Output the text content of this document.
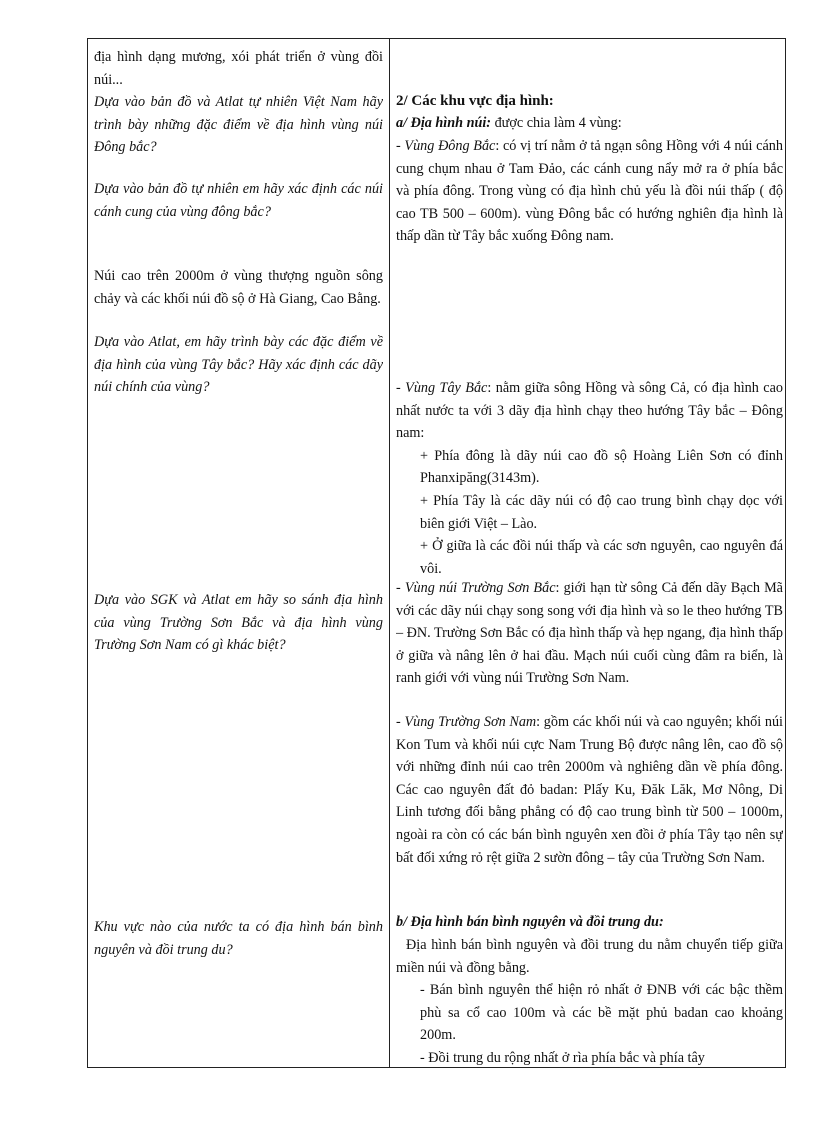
địa hình dạng mương, xói phát triển ở vùng đồi núi...

Dựa vào bản đồ và Atlat tự nhiên Việt Nam hãy trình bày những đặc điểm về địa hình vùng núi Đông bắc?

Dựa vào bản đồ tự nhiên em hãy xác định các núi cánh cung của vùng đông bắc?

Núi cao trên 2000m ở vùng thượng nguồn sông chảy và các khối núi đồ sộ ở Hà Giang, Cao Bằng.

Dựa vào Atlat, em hãy trình bày các đặc điểm về địa hình của vùng Tây bắc? Hãy xác định các dãy núi chính của vùng?

Dựa vào SGK và Atlat em hãy so sánh địa hình của vùng Trường Sơn Bắc và địa hình vùng Trường Sơn Nam có gì khác biệt?

Khu vực nào của nước ta có địa hình bán bình nguyên và đồi trung du?

2/ Các khu vực địa hình:

a/ Địa hình núi: được chia làm 4 vùng:

- Vùng Đông Bắc: có vị trí nằm ở tả ngạn sông Hồng với 4 núi cánh cung chụm nhau ở Tam Đảo, các cánh cung nẩy mở ra ở phía bắc và phía đông. Trong vùng có địa hình chủ yếu là đồi núi thấp ( độ cao TB 500 – 600m). vùng Đông bắc có hướng nghiên địa hình là thấp dần từ Tây bắc xuống Đông nam.

- Vùng Tây Bắc: nằm giữa sông Hồng và sông Cả, có địa hình cao nhất nước ta với 3 dãy địa hình chạy theo hướng Tây bắc – Đông nam:

+ Phía đông là dãy núi cao đồ sộ Hoàng Liên Sơn có đỉnh Phanxipăng(3143m).

+ Phía Tây là các dãy núi có độ cao trung bình chạy dọc với biên giới Việt – Lào.

+ Ở giữa là các đồi núi thấp và các sơn nguyên, cao nguyên đá vôi.

- Vùng núi Trường Sơn Bắc: giới hạn từ sông Cả đến dãy Bạch Mã với các dãy núi chạy song song với địa hình và so le theo hướng TB – ĐN. Trường Sơn Bắc có địa hình thấp và hẹp ngang, địa hình thấp ở giữa và nâng lên ở hai đầu. Mạch núi cuối cùng đâm ra biển, là ranh giới với vùng núi Trường Sơn Nam.

- Vùng Trường Sơn Nam: gồm các khối núi và cao nguyên; khối núi Kon Tum và khối núi cực Nam Trung Bộ được nâng lên, cao đồ sộ với những đỉnh núi cao trên 2000m và nghiêng dần về phía đông. Các cao nguyên đất đỏ badan: Plấy Ku, Đăk Lăk, Mơ Nông, Di Linh tương đối bằng phẳng có độ cao trung bình từ 500 – 1000m, ngoài ra còn có các bán bình nguyên xen đồi ở phía Tây tạo nên sự bất đối xứng rỏ rệt giữa 2 sườn đông – tây của Trường Sơn Nam.

b/ Địa hình bán bình nguyên và đồi trung du:

Địa hình bán bình nguyên và đồi trung du nằm chuyển tiếp giữa miền núi và đồng bằng.

- Bán bình nguyên thể hiện rỏ nhất ở ĐNB với các bậc thềm phù sa cổ cao 100m và các bề mặt phủ badan cao khoảng 200m.

- Đồi trung du rộng nhất ở rìa phía bắc và phía tây
